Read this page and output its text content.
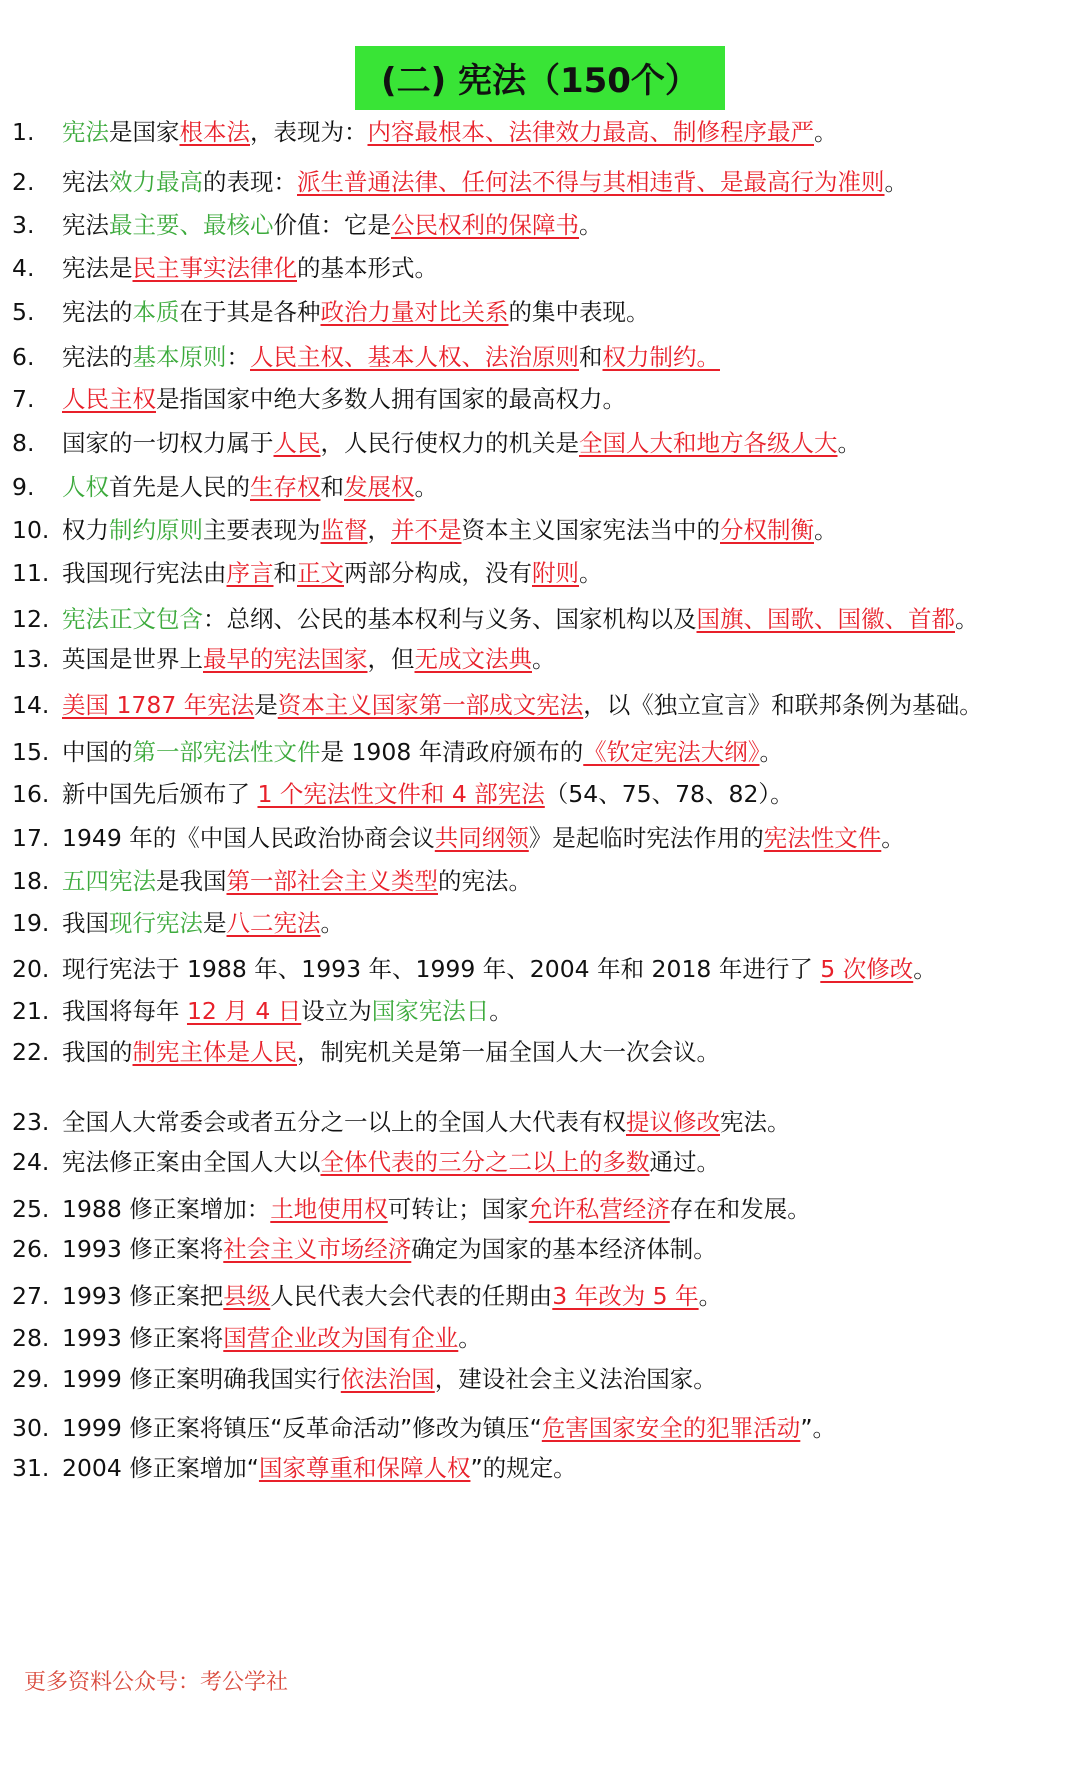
(二) 宪法（150个）
1. 宪法是国家根本法，表现为：内容最根本、法律效力最高、制修程序最严。
2. 宪法效力最高的表现：派生普通法律、任何法不得与其相违背、是最高行为准则。
3. 宪法最主要、最核心价值：它是公民权利的保障书。
4. 宪法是民主事实法律化的基本形式。
5. 宪法的本质在于其是各种政治力量对比关系的集中表现。
6. 宪法的基本原则：人民主权、基本人权、法治原则和权力制约。
7. 人民主权是指国家中绝大多数人拥有国家的最高权力。
8. 国家的一切权力属于人民，人民行使权力的机关是全国人大和地方各级人大。
9. 人权首先是人民的生存权和发展权。
10. 权力制约原则主要表现为监督，并不是资本主义国家宪法当中的分权制衡。
11. 我国现行宪法由序言和正文两部分构成，没有附则。
12. 宪法正文包含：总纲、公民的基本权利与义务、国家机构以及国旗、国歌、国徽、首都。
13. 英国是世界上最早的宪法国家，但无成文法典。
14. 美国 1787 年宪法是资本主义国家第一部成文宪法，以《独立宣言》和联邦条例为基础。
15. 中国的第一部宪法性文件是 1908 年清政府颁布的《钦定宪法大纲》。
16. 新中国先后颁布了 1 个宪法性文件和 4 部宪法（54、75、78、82）。
17. 1949 年的《中国人民政治协商会议共同纲领》是起临时宪法作用的宪法性文件。
18. 五四宪法是我国第一部社会主义类型的宪法。
19. 我国现行宪法是八二宪法。
20. 现行宪法于 1988 年、1993 年、1999 年、2004 年和 2018 年进行了 5 次修改。
21. 我国将每年 12 月 4 日设立为国家宪法日。
22. 我国的制宪主体是人民，制宪机关是第一届全国人大一次会议。
23. 全国人大常委会或者五分之一以上的全国人大代表有权提议修改宪法。
24. 宪法修正案由全国人大以全体代表的三分之二以上的多数通过。
25. 1988 修正案增加：土地使用权可转让；国家允许私营经济存在和发展。
26. 1993 修正案将社会主义市场经济确定为国家的基本经济体制。
27. 1993 修正案把县级人民代表大会代表的任期由3 年改为 5 年。
28. 1993 修正案将国营企业改为国有企业。
29. 1999 修正案明确我国实行依法治国，建设社会主义法治国家。
30. 1999 修正案将镇压“反革命活动”修改为镇压“危害国家安全的犯罪活动”。
31. 2004 修正案增加“国家尊重和保障人权”的规定。
更多资料公众号：考公学社
